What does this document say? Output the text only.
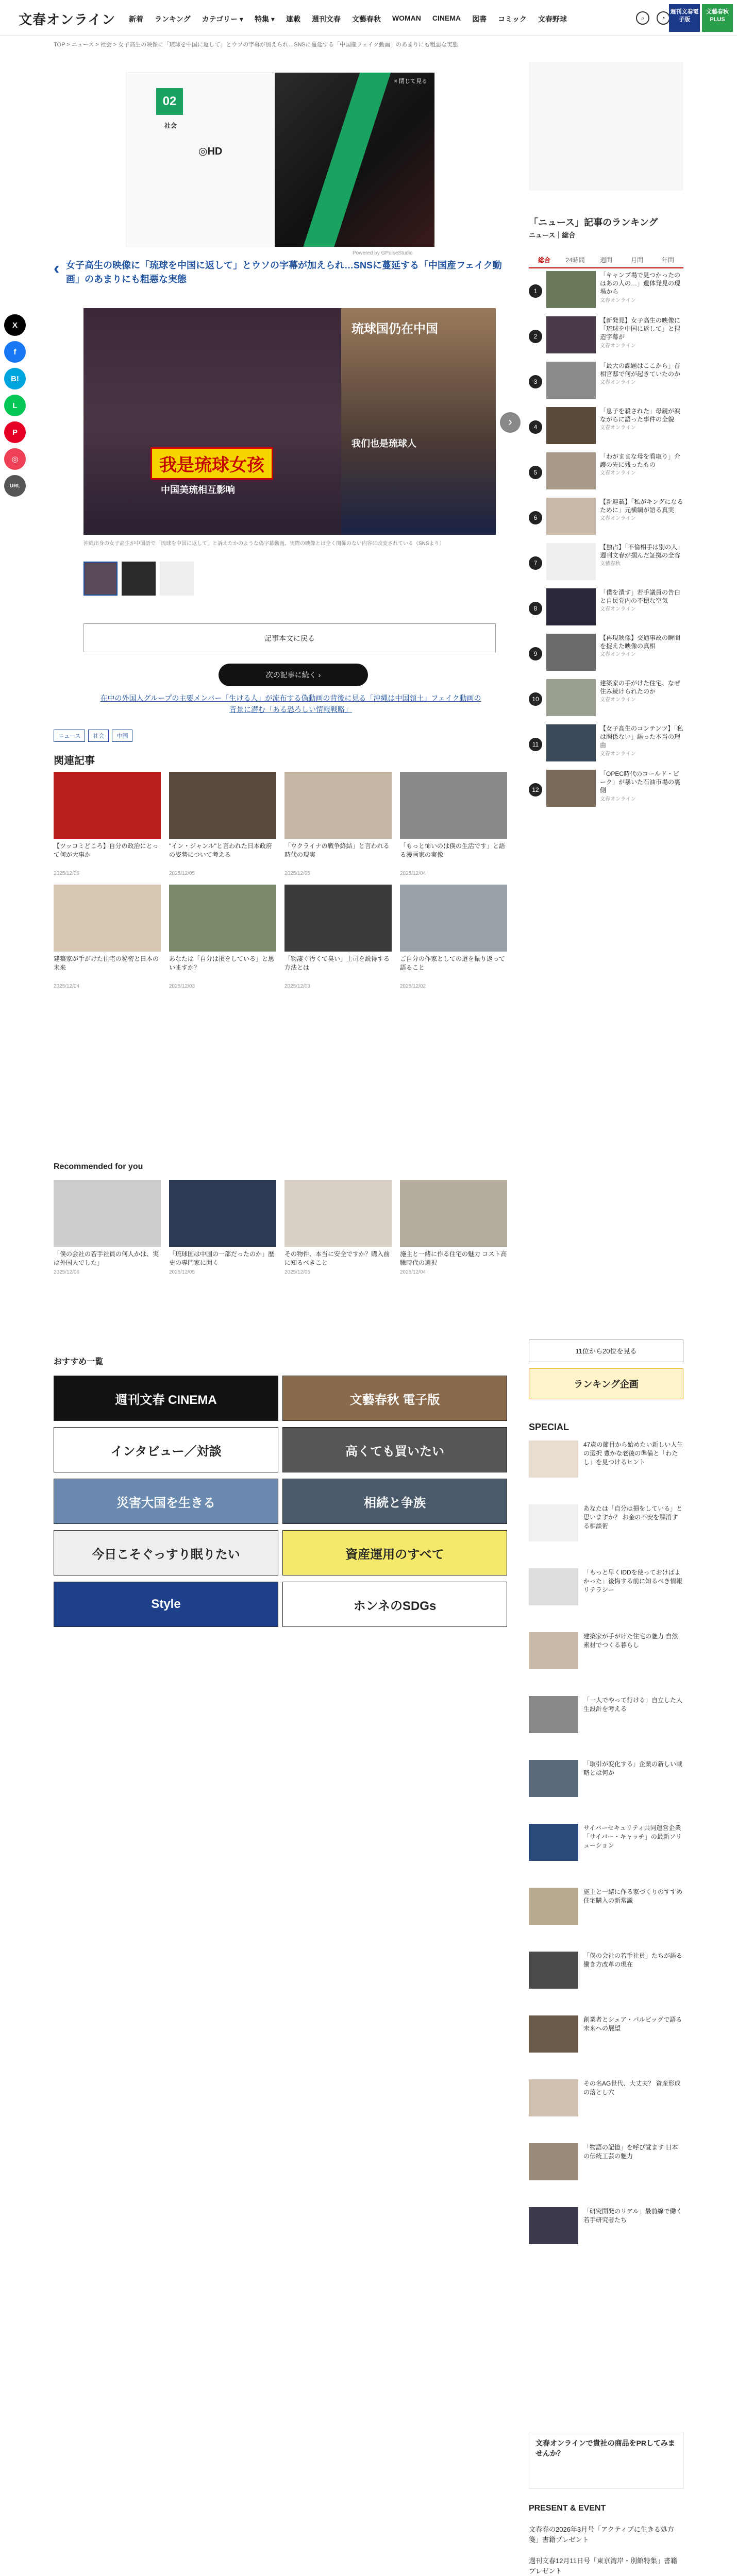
文春オンライン 新着 ランキング カテゴリー ▾ 特集 ▾ 連載 週刊文春 文藝春秋 WOMAN CINEMA 図書 コミック 文春野球	⌕	◔
週刊文春電子版
文藝春秋PLUS
TOP > ニュース > 社会 > 女子高生の映像に「琉球を中国に返して」とウソの字幕が加えられ…SNSに蔓延する「中国産フェイク動画」のあまりにも粗悪な実態
X
f
B!
L
P
◎
URL
02
社会
◎HD
× 閉じて見る
Powered by GPulseStudio
‹ 女子高生の映像に「琉球を中国に返して」とウソの字幕が加えられ…SNSに蔓延する「中国産フェイク動画」のあまりにも粗悪な実態
我是琉球女孩
中国美琉相互影响
琉球国仍在中国
我们也是琉球人
›
沖縄出身の女子高生が中国語で「琉球を中国に返して」と訴えたかのような偽字幕動画。実際の映像とは全く関係のない内容に改変されている（SNSより）
記事本文に戻る
次の記事に続く ›
在中の外国人グループの主要メンバー「生ける人」が流布する偽動画の背後に見る「沖縄は中国領土」フェイク動画の背景に潜む「ある恐ろしい情報戦略」
ニュース	社会	中国
関連記事

【ツッコミどころ】自分の政治にとって何が大事か

2025/12/06

"イン・ジャンル"と言われた日本政府の姿勢について考える

2025/12/05

「ウクライナの戦争終結」と言われる時代の現実

2025/12/05

「もっと怖いのは僕の生活です」と語る漫画家の実像

2025/12/04

建築家が手がけた住宅の秘密と日本の未来

2025/12/04

あなたは「自分は損をしている」と思いますか？

2025/12/03

「物凄く汚くて臭い」上司を説得する方法とは

2025/12/03

ご自分の作家としての道を振り返って語ること

2025/12/02
Recommended for you

「僕の会社の若手社員の何人かは、実は外国人でした」

2025/12/06

「琉球国は中国の一部だったのか」歴史の専門家に聞く

2025/12/05

その物件、本当に安全ですか？購入前に知るべきこと

2025/12/05

施主と一緒に作る住宅の魅力 コスト高騰時代の選択

2025/12/04
おすすめ一覧
週刊文春 CINEMA	文藝春秋 電子版
インタビュー／対談	高くても買いたい
災害大国を生きる	相続と争族
今日こそぐっすり眠りたい	資産運用のすべて
Style	ホンネのSDGs
「ニュース」記事のランキング
ニュース｜総合
総合	24時間	週間	月間	年間
1
「キャンプ場で見つかったのはあの人の…」遺体発見の現場から
文春オンライン
2
【新発見】女子高生の映像に「琉球を中国に返して」と捏造字幕が
文春オンライン
3
「最大の課題はここから」首相官邸で何が起きていたのか
文春オンライン
4
「息子を殺された」母親が涙ながらに語った事件の全貌
文春オンライン
5
「わがままな母を看取り」介護の先に残ったもの
文春オンライン
6
【新連載】「私がキングになるために」元横綱が語る真実
文春オンライン
7
【独占】「不倫相手は別の人」週刊文春が掴んだ証拠の全容
文藝春秋
8
「僕を潰す」若手議員の告白と自民党内の不穏な空気
文春オンライン
9
【再現映像】交通事故の瞬間を捉えた映像の真相
文春オンライン
10
建築家の手がけた住宅、なぜ住み続けられたのか
文春オンライン
11
【女子高生のコンテンツ】「私は関係ない」語った本当の理由
文春オンライン
12
「OPEC時代のコールド・ピーク」が暴いた石油市場の裏側
文春オンライン
11位から20位を見る
ランキング企画
SPECIAL
47歳の節目から始めたい新しい人生の選択 豊かな老後の準備と「わたし」を見つけるヒント
あなたは「自分は損をしている」と思いますか？ お金の不安を解消する相談術
「もっと早くIDDを使っておけばよかった」後悔する前に知るべき情報リテラシー
建築家が手がけた住宅の魅力 自然素材でつくる暮らし
「一人でやって行ける」自立した人生設計を考える
「取引が変化する」企業の新しい戦略とは何か
サイバーセキュリティ共同運営企業「サイバー・キャッチ」の最新ソリューション
施主と一緒に作る家づくりのすすめ 住宅購入の新常識
「僕の会社の若手社員」たちが語る働き方改革の現在
創業者とシェア・パルビッグで語る未来への展望
その名AG世代、大丈夫？ 資産形成の落とし穴
「物語の記憶」を呼び覚ます 日本の伝統工芸の魅力
「研究開発のリアル」最前線で働く若手研究者たち
文春オンラインで貴社の商品をPRしてみませんか？
PRESENT & EVENT

文春春の2026年3月号「アクティブに生きる処方箋」書籍プレゼント

週刊文春12月11日号「東京湾岸・別館特集」書籍プレゼント
